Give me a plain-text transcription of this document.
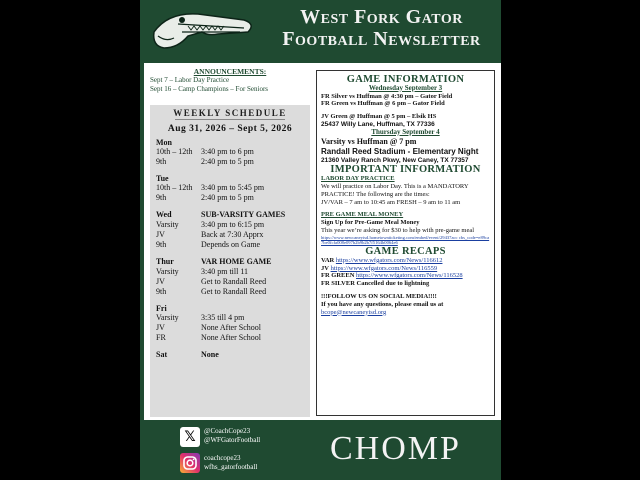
West Fork Gator
Football Newsletter
ANNOUNCEMENTS:
Sept 7 – Labor Day Practice
Sept 16 – Camp Champions – For Seniors
WEEKLY SCHEDULE
Aug 31, 2026 – Sept 5, 2026
Mon
10th – 12th	3:40 pm to 6 pm
9th	2:40 pm to 5 pm
Tue
10th – 12th	3:40 pm to 5:45 pm
9th	2:40 pm to 5 pm
Wed	SUB-VARSITY GAMES
Varsity	3:40 pm to 6:15 pm
JV	Back at 7:30 Apprx
9th	Depends on Game
Thur	VAR HOME GAME
Varsity	3:40 pm till 11
JV	Get to Randall Reed
9th	Get to Randall Reed
Fri
Varsity	3:35 till 4 pm
JV	None After School
FR	None After School
Sat	None
GAME INFORMATION
Wednesday September 3
FR Silver vs Huffman @ 4:30 pm – Gator Field
FR Green vs Huffman @ 6 pm – Gator Field
JV Green @ Huffman @ 5 pm – Elsik HS
25437 Willy Lane, Huffman, TX 77336
Thursday September 4
Varsity vs Huffman @ 7 pm
Randall Reed Stadium - Elementary Night
21360 Valley Ranch Pkwy, New Caney, TX 77357
IMPORTANT INFORMATION
LABOR DAY PRACTICE
We will practice on Labor Day. This is a MANDATORY PRACTICE! The following are the times:
JV/VAR – 7 am to 10:45 am FRESH – 9 am to 11 am
PRE GAME MEAL MONEY
Sign Up for Pre-Game Meal Money
This year we’re asking for $30 to help with pre-game meal
https://www.newcaneyisd.hometownticketing.com/embed/event/29437acc cbs_code=e89ca7be0fcfa008e097b2b9b2b7f5164b0064e6
GAME RECAPS
VAR https://www.wfgators.com/News/116612
JV https://www.wfgators.com/News/116559
FR GREEN https://www.wfgators.com/News/116528
FR SILVER Cancelled due to lightning
!!!FOLLOW US ON SOCIAL MEDIA!!!!
If you have any questions, please email us at
bcope@newcaneyisd.org
𝕏	@CoachCope23
@WFGatorFootball
coachcope23
wfhs_gatorfootball CHOMP
